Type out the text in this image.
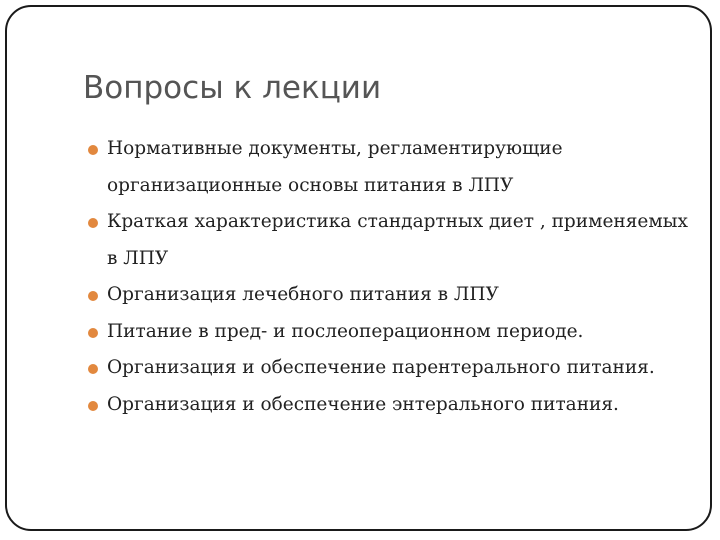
Вопросы к лекции
Нормативные документы, регламентирующие организационные основы питания в ЛПУ
Краткая характеристика стандартных диет , применяемых в ЛПУ
Организация лечебного питания в ЛПУ
Питание в пред- и послеоперационном периоде.
Организация и обеспечение парентерального питания.
Организация и обеспечение энтерального питания.
